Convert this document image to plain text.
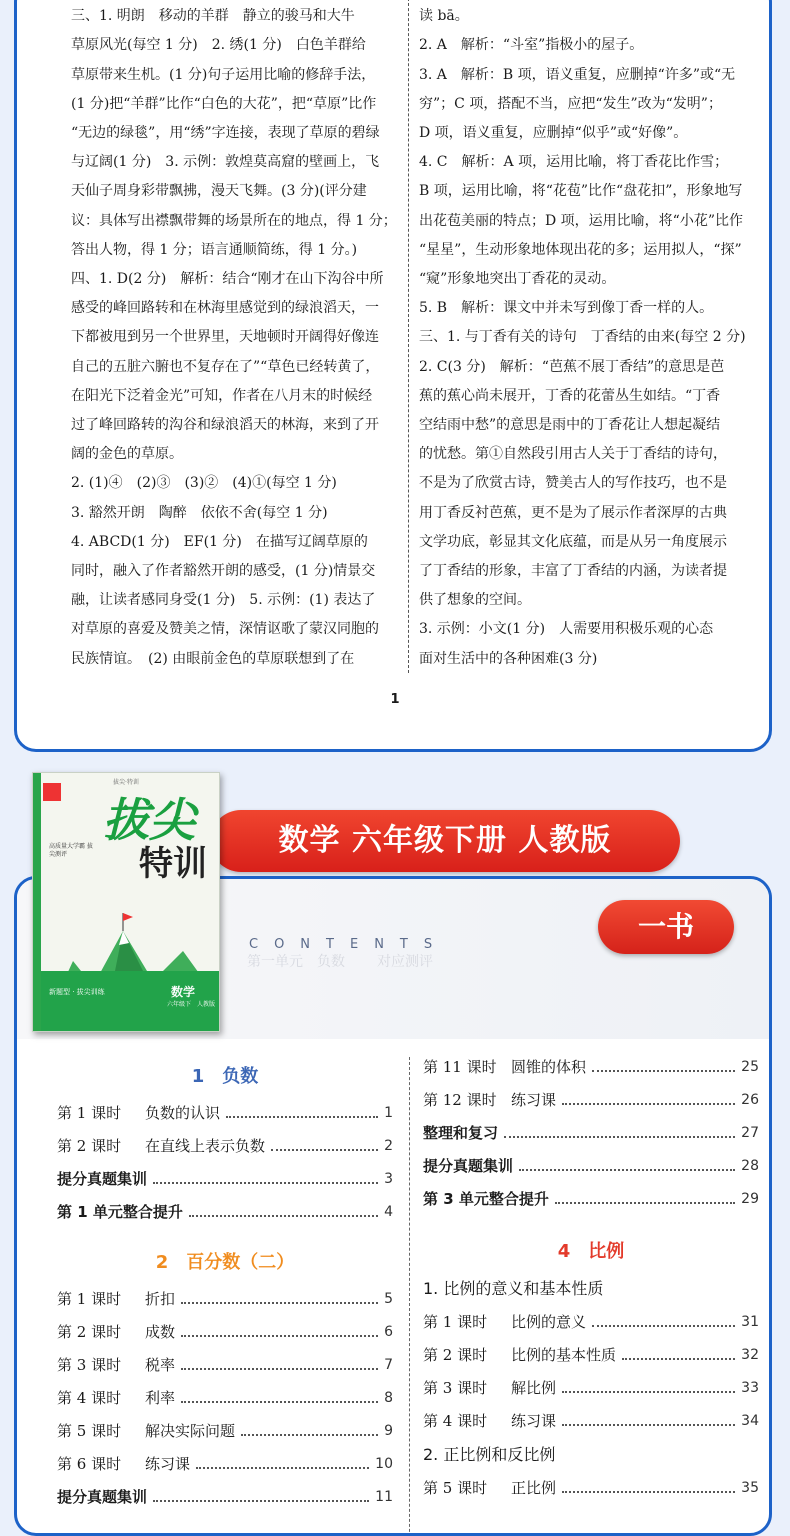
三、1. 明朗　移动的羊群　静立的骏马和大牛

草原风光(每空 1 分)　2. 绣(1 分)　白色羊群给

草原带来生机。(1 分)句子运用比喻的修辞手法，

(1 分)把“羊群”比作“白色的大花”，把“草原”比作

“无边的绿毯”，用“绣”字连接，表现了草原的碧绿

与辽阔(1 分)　3. 示例：敦煌莫高窟的壁画上，飞

天仙子周身彩带飘拂，漫天飞舞。(3 分)(评分建

议：具体写出襟飘带舞的场景所在的地点，得 1 分；

答出人物，得 1 分；语言通顺简练，得 1 分。)

四、1. D(2 分)　解析：结合“刚才在山下沟谷中所

感受的峰回路转和在林海里感觉到的绿浪滔天，一

下都被甩到另一个世界里，天地顿时开阔得好像连

自己的五脏六腑也不复存在了”“草色已经转黄了，

在阳光下泛着金光”可知，作者在八月末的时候经

过了峰回路转的沟谷和绿浪滔天的林海，来到了开

阔的金色的草原。

2. (1)④　(2)③　(3)②　(4)①(每空 1 分)

3. 豁然开朗　陶醉　依依不舍(每空 1 分)

4. ABCD(1 分)　EF(1 分)　在描写辽阔草原的

同时，融入了作者豁然开朗的感受，(1 分)情景交

融，让读者感同身受(1 分)　5. 示例：(1) 表达了

对草原的喜爱及赞美之情，深情讴歌了蒙汉同胞的

民族情谊。　(2) 由眼前金色的草原联想到了在

读 bā。

2. A　解析：“斗室”指极小的屋子。

3. A　解析：B 项，语义重复，应删掉“许多”或“无

穷”；C 项，搭配不当，应把“发生”改为“发明”；

D 项，语义重复，应删掉“似乎”或“好像”。

4. C　解析：A 项，运用比喻，将丁香花比作雪；

B 项，运用比喻，将“花苞”比作“盘花扣”，形象地写

出花苞美丽的特点；D 项，运用比喻，将“小花”比作

“星星”，生动形象地体现出花的多；运用拟人，“探”

“窥”形象地突出丁香花的灵动。

5. B　解析：课文中并未写到像丁香一样的人。

三、1. 与丁香有关的诗句　丁香结的由来(每空 2 分)

2. C(3 分)　解析：“芭蕉不展丁香结”的意思是芭

蕉的蕉心尚未展开，丁香的花蕾丛生如结。“丁香

空结雨中愁”的意思是雨中的丁香花让人想起凝结

的忧愁。第①自然段引用古人关于丁香结的诗句，

不是为了欣赏古诗，赞美古人的写作技巧，也不是

用丁香反衬芭蕉，更不是为了展示作者深厚的古典

文学功底，彰显其文化底蕴，而是从另一角度展示

了丁香结的形象，丰富了丁香结的内涵，为读者提

供了想象的空间。

3. 示例：小文(1 分)　人需要用积极乐观的心态

面对生活中的各种困难(3 分)

1
数学 六年级下册 人教版
第一单元　负数 对应测评
CONTENTS
1　负数
第 1 课时 负数的认识	1
第 2 课时 在直线上表示负数	2
提分真题集训	3
第 1 单元整合提升	4
2　百分数（二）
第 1 课时 折扣	5
第 2 课时 成数	6
第 3 课时 税率	7
第 4 课时 利率	8
第 5 课时 解决实际问题	9
第 6 课时 练习课	10
提分真题集训	11
第 11 课时 圆锥的体积	25
第 12 课时 练习课	26
整理和复习	27
提分真题集训	28
第 3 单元整合提升	29
4　比例
1. 比例的意义和基本性质
第 1 课时 比例的意义	31
第 2 课时 比例的基本性质	32
第 3 课时 解比例	33
第 4 课时 练习课	34
2. 正比例和反比例
第 5 课时 正比例	35
一书
拔尖·特训
高质量大学霸 拔尖测评
拔尖
特训
新题型 · 拔尖训练	数学
六年级下　人教版
